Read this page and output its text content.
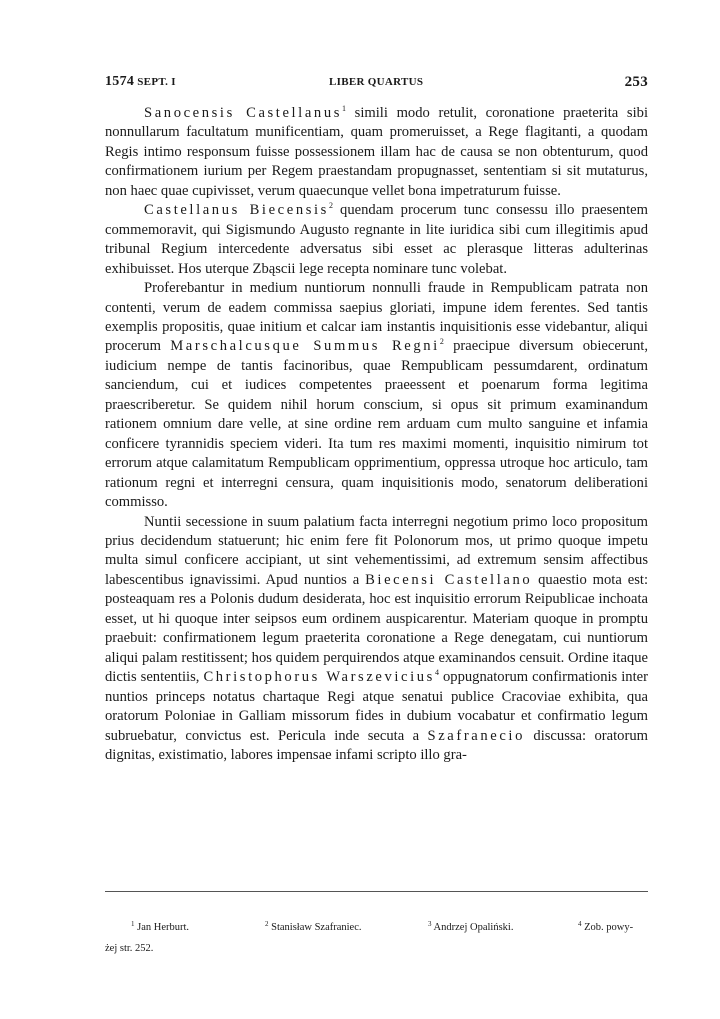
1574 SEPT. I	LIBER QUARTUS	253

Sanocensis Castellanus$^1$ simili modo retulit, coronatione praeterita sibi nonnullarum facultatum munificentiam, quam promeruisset, a Rege flagitanti, a quodam Regis intimo responsum fuisse possessionem illam hac de causa se non obtenturum, quod confirmationem iurium per Regem praestandam propugnasset, sententiam si sit mutaturus, non haec quae cupivisset, verum quaecunque vellet bona impetraturum fuisse.

Castellanus Biecensis$^2$ quendam procerum tunc consessu illo praesentem commemoravit, qui Sigismundo Augusto regnante in lite iuridica sibi cum illegitimis apud tribunal Regium intercedente adversatus sibi esset ac plerasque litteras adulterinas exhibuisset. Hos uterque Zbąscii lege recepta nominare tunc volebat.

Proferebantur in medium nuntiorum nonnulli fraude in Rempublicam patrata non contenti, verum de eadem commissa saepius gloriati, impune idem ferentes. Sed tantis exemplis propositis, quae initium et calcar iam instantis inquisitionis esse videbantur, aliqui procerum Marschalcusque Summus Regni$^2$ praecipue diversum obiecerunt, iudicium nempe de tantis facinoribus, quae Rempublicam pessumdarent, ordinatum sanciendum, cui et iudices competentes praeessent et poenarum forma legitima praescriberetur. Se quidem nihil horum conscium, si opus sit primum examinandum rationem omnium dare velle, at sine ordine rem arduam cum multo sanguine et infamia conficere tyrannidis speciem videri. Ita tum res maximi momenti, inquisitio nimirum tot errorum atque calamitatum Rempublicam opprimentium, oppressa utroque hoc articulo, tam rationum regni et interregni censura, quam inquisitionis modo, senatorum deliberationi commisso.

Nuntii secessione in suum palatium facta interregni negotium primo loco propositum prius decidendum statuerunt; hic enim fere fit Polonorum mos, ut primo quoque impetu multa simul conficere accipiant, ut sint vehementissimi, ad extremum sensim affectibus labescentibus ignavissimi. Apud nuntios a Biecensi Castellano quaestio mota est: posteaquam res a Polonis dudum desiderata, hoc est inquisitio errorum Reipublicae inchoata esset, ut hi quoque inter seipsos eum ordinem auspicarentur. Materiam quoque in promptu praebuit: confirmationem legum praeterita coronatione a Rege denegatam, cui nuntiorum aliqui palam restitissent; hos quidem perquirendos atque examinandos censuit. Ordine itaque dictis sententiis, Christophorus Warszevicius$^4$ oppugnatorum confirmationis inter nuntios princeps notatus chartaque Regi atque senatui publice Cracoviae exhibita, qua oratorum Poloniae in Galliam missorum fides in dubium vocabatur et confirmatio legum subruebatur, convictus est. Pericula inde secuta a Szafranecio discussa: oratorum dignitas, existimatio, labores impensae infami scripto illo gra-

$^1$ Jan Herburt.	$^2$ Stanisław Szafraniec.	$^3$ Andrzej Opaliński.	$^4$ Zob. powy-
żej str. 252.
